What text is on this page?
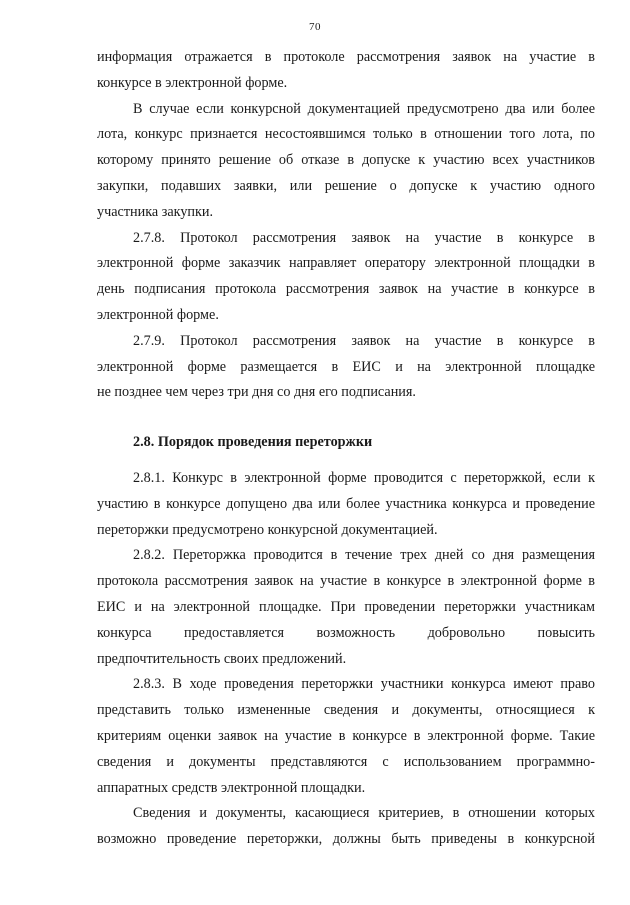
70

информация отражается в протоколе рассмотрения заявок на участие в
конкурсе в электронной форме.

В случае если конкурсной документацией предусмотрено два или более
лота, конкурс признается несостоявшимся только в отношении того лота, по
которому принято решение об отказе в допуске к участию всех участников
закупки, подавших заявки, или решение о допуске к участию одного
участника закупки.

2.7.8. Протокол рассмотрения заявок на участие в конкурсе в
электронной форме заказчик направляет оператору электронной площадки в
день подписания протокола рассмотрения заявок на участие в конкурсе в
электронной форме.

2.7.9. Протокол рассмотрения заявок на участие в конкурсе в
электронной форме размещается в ЕИС и на электронной площадке
не позднее чем через три дня со дня его подписания.

2.8. Порядок проведения переторжки

2.8.1. Конкурс в электронной форме проводится с переторжкой, если к
участию в конкурсе допущено два или более участника конкурса и проведение
переторжки предусмотрено конкурсной документацией.

2.8.2. Переторжка проводится в течение трех дней со дня размещения
протокола рассмотрения заявок на участие в конкурсе в электронной форме в
ЕИС и на электронной площадке. При проведении переторжки участникам
конкурса предоставляется возможность добровольно повысить
предпочтительность своих предложений.

2.8.3. В ходе проведения переторжки участники конкурса имеют право
представить только измененные сведения и документы, относящиеся к
критериям оценки заявок на участие в конкурсе в электронной форме. Такие
сведения и документы представляются с использованием программно-
аппаратных средств электронной площадки.

Сведения и документы, касающиеся критериев, в отношении которых
возможно проведение переторжки, должны быть приведены в конкурсной
